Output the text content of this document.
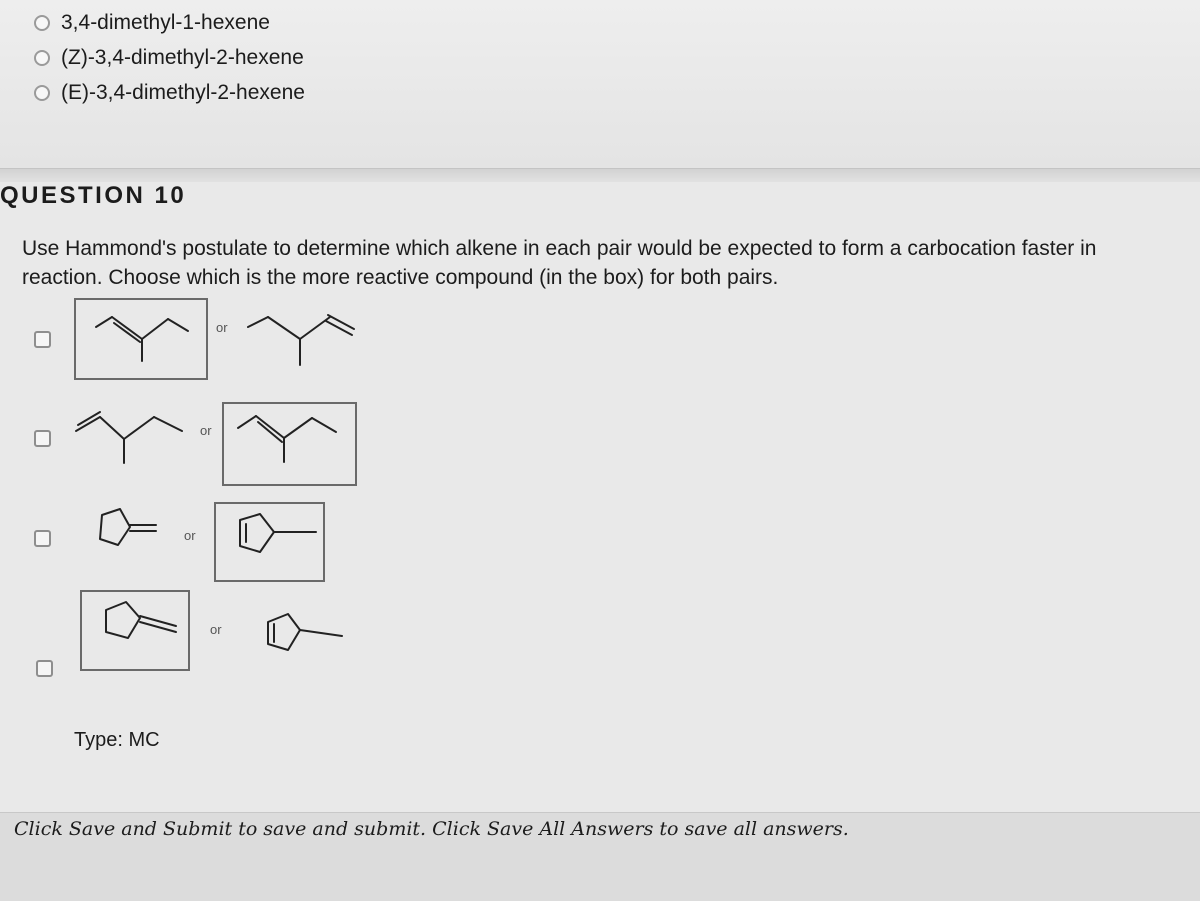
3,4-dimethyl-1-hexene
(Z)-3,4-dimethyl-2-hexene
(E)-3,4-dimethyl-2-hexene
QUESTION 10
Use Hammond's postulate to determine which alkene in each pair would be expected to form a carbocation faster in
reaction. Choose which is the more reactive compound (in the box) for both pairs.
or
or
or
or
Type: MC
Click Save and Submit to save and submit. Click Save All Answers to save all answers.
